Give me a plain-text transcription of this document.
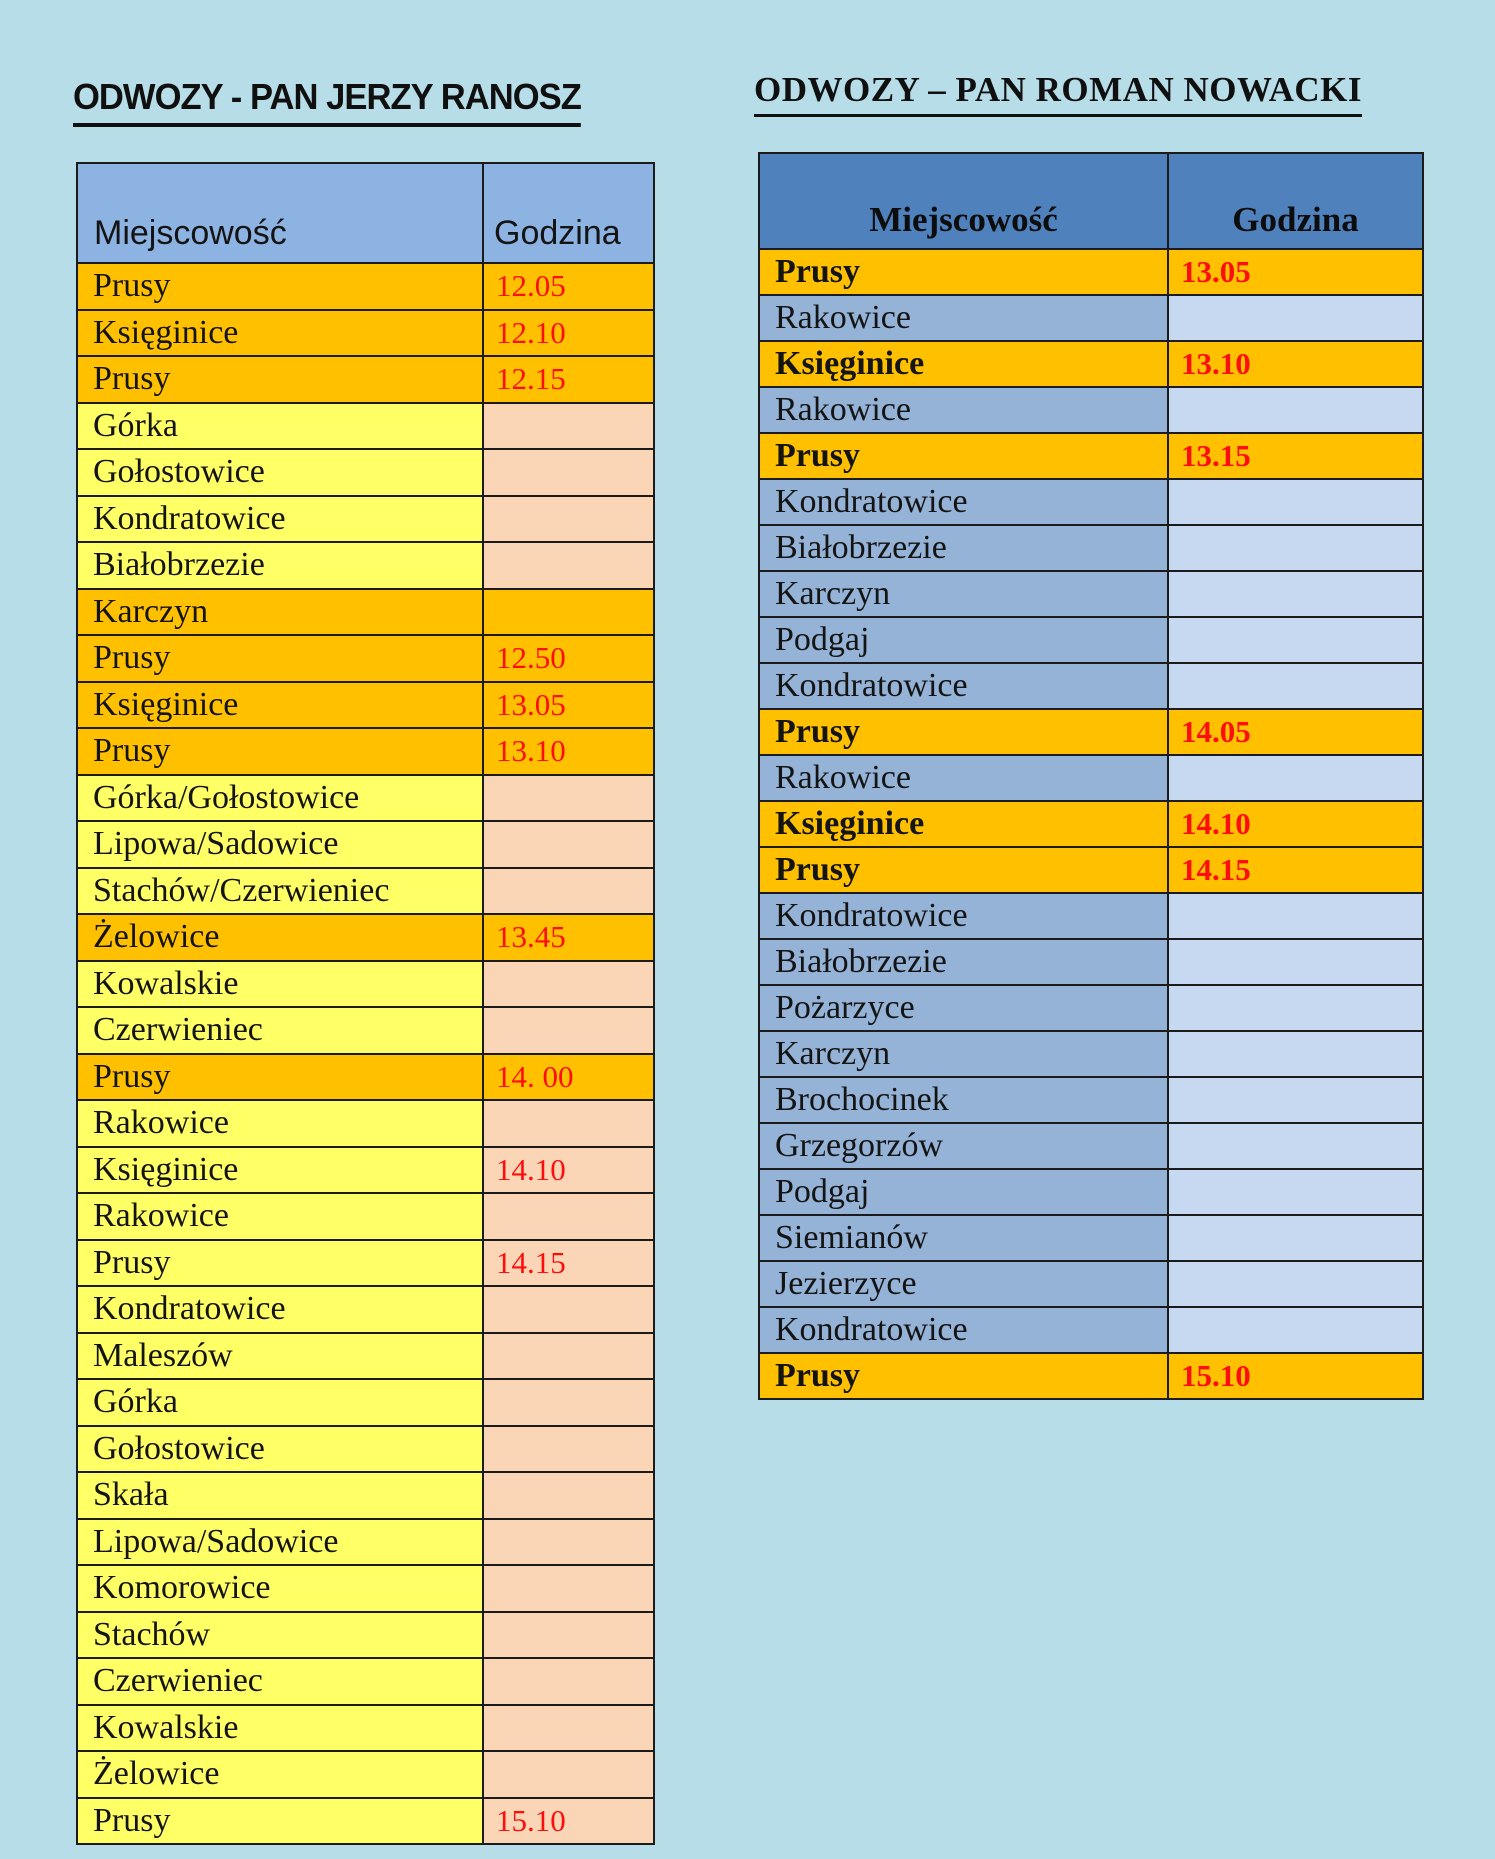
ODWOZY - PAN JERZY RANOSZ	ODWOZY – PAN ROMAN NOWACKI
Miejscowość	Godzina
Prusy	12.05
Księginice	12.10
Prusy	12.15
Górka	
Gołostowice	
Kondratowice	
Białobrzezie	
Karczyn	
Prusy	12.50
Księginice	13.05
Prusy	13.10
Górka/Gołostowice	
Lipowa/Sadowice	
Stachów/Czerwieniec	
Żelowice	13.45
Kowalskie	
Czerwieniec	
Prusy	14. 00
Rakowice	
Księginice	14.10
Rakowice	
Prusy	14.15
Kondratowice	
Maleszów	
Górka	
Gołostowice	
Skała	
Lipowa/Sadowice	
Komorowice	
Stachów	
Czerwieniec	
Kowalskie	
Żelowice	
Prusy	15.10
Miejscowość	Godzina
Prusy	13.05
Rakowice	
Księginice	13.10
Rakowice	
Prusy	13.15
Kondratowice	
Białobrzezie	
Karczyn	
Podgaj	
Kondratowice	
Prusy	14.05
Rakowice	
Księginice	14.10
Prusy	14.15
Kondratowice	
Białobrzezie	
Pożarzyce	
Karczyn	
Brochocinek	
Grzegorzów	
Podgaj	
Siemianów	
Jezierzyce	
Kondratowice	
Prusy	15.10
